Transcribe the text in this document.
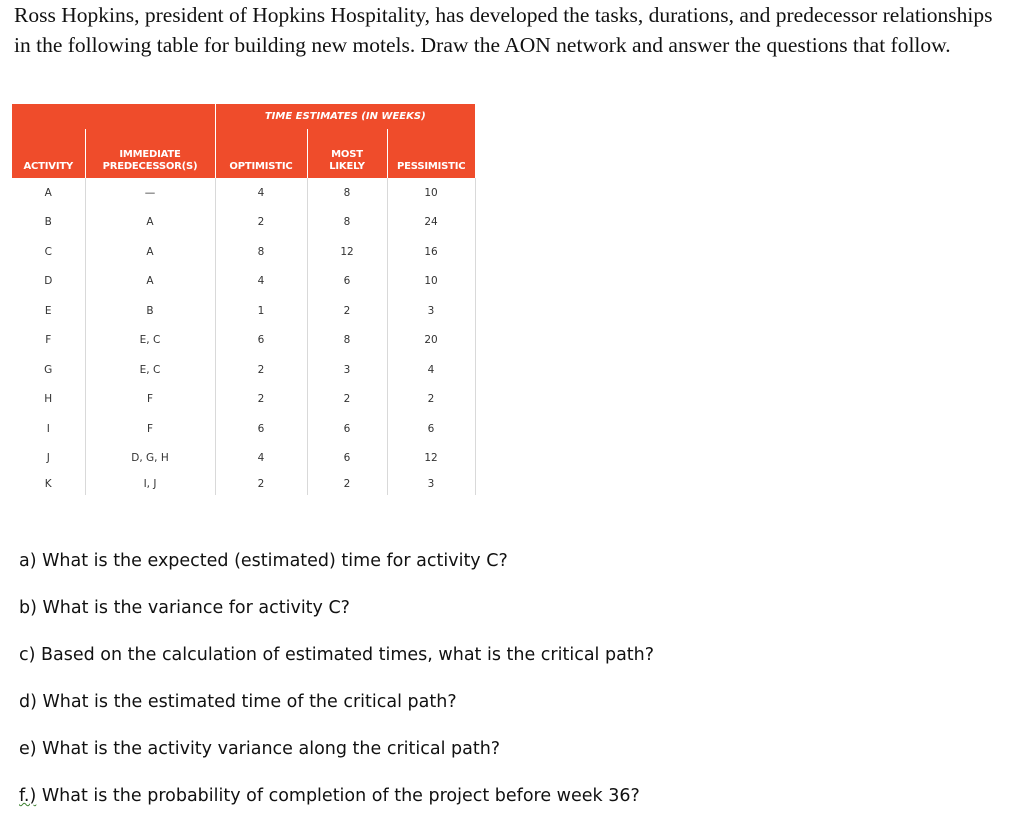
Ross Hopkins, president of Hopkins Hospitality, has developed the tasks, durations, and predecessor relationships in the following table for building new motels. Draw the AON network and answer the questions that follow.
		TIME ESTIMATES (IN WEEKS)		
ACTIVITY	IMMEDIATE PREDECESSOR(S)	OPTIMISTIC	MOST LIKELY	PESSIMISTIC
A	—	4	8	10
B	A	2	8	24
C	A	8	12	16
D	A	4	6	10
E	B	1	2	3
F	E, C	6	8	20
G	E, C	2	3	4
H	F	2	2	2
I	F	6	6	6
J	D, G, H	4	6	12
K	I, J	2	2	3
a) What is the expected (estimated) time for activity C?
b) What is the variance for activity C?
c) Based on the calculation of estimated times, what is the critical path?
d) What is the estimated time of the critical path?
e) What is the activity variance along the critical path?
f.) What is the probability of completion of the project before week 36?
